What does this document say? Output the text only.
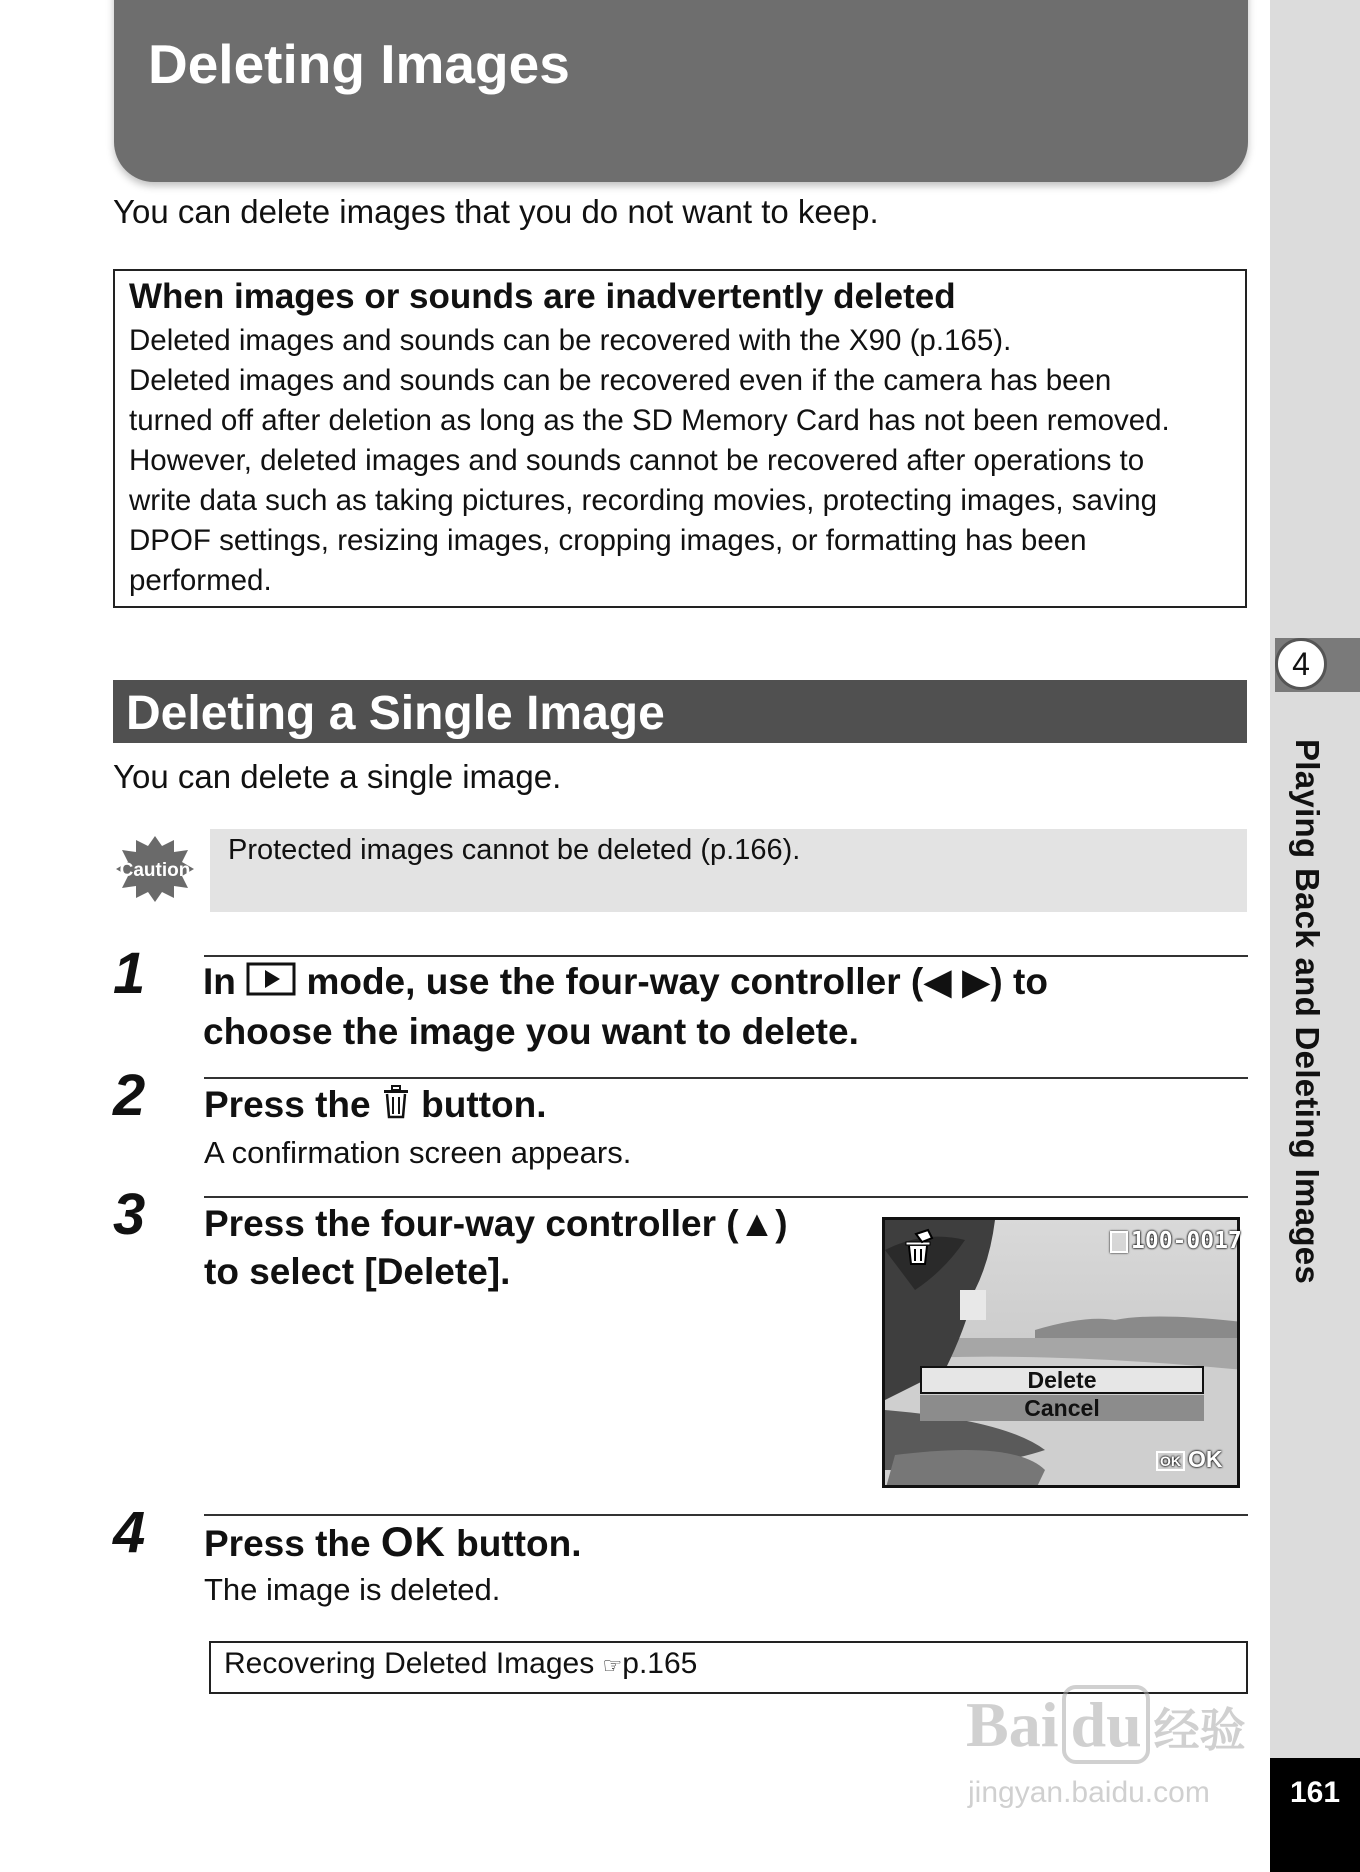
4
Playing Back and Deleting Images
161
Deleting Images
You can delete images that you do not want to keep.
When images or sounds are inadvertently deleted
Deleted images and sounds can be recovered with the X90 (p.165).
Deleted images and sounds can be recovered even if the camera has been
turned off after deletion as long as the SD Memory Card has not been removed.
However, deleted images and sounds cannot be recovered after operations to
write data such as taking pictures, recording movies, protecting images, saving
DPOF settings, resizing images, cropping images, or formatting has been
performed.
Deleting a Single Image
You can delete a single image.
Caution
Protected images cannot be deleted (p.166).
1 In mode, use the four-way controller (◀ ▶) to
choose the image you want to delete.
2 Press the button.
A confirmation screen appears.
3 Press the four-way controller (▲)
to select [Delete].
100-0017
Delete
Cancel
OK OK
4 Press the OK button.
The image is deleted.
Recovering Deleted Images ☞p.165
Bai du 经验
jingyan.baidu.com
